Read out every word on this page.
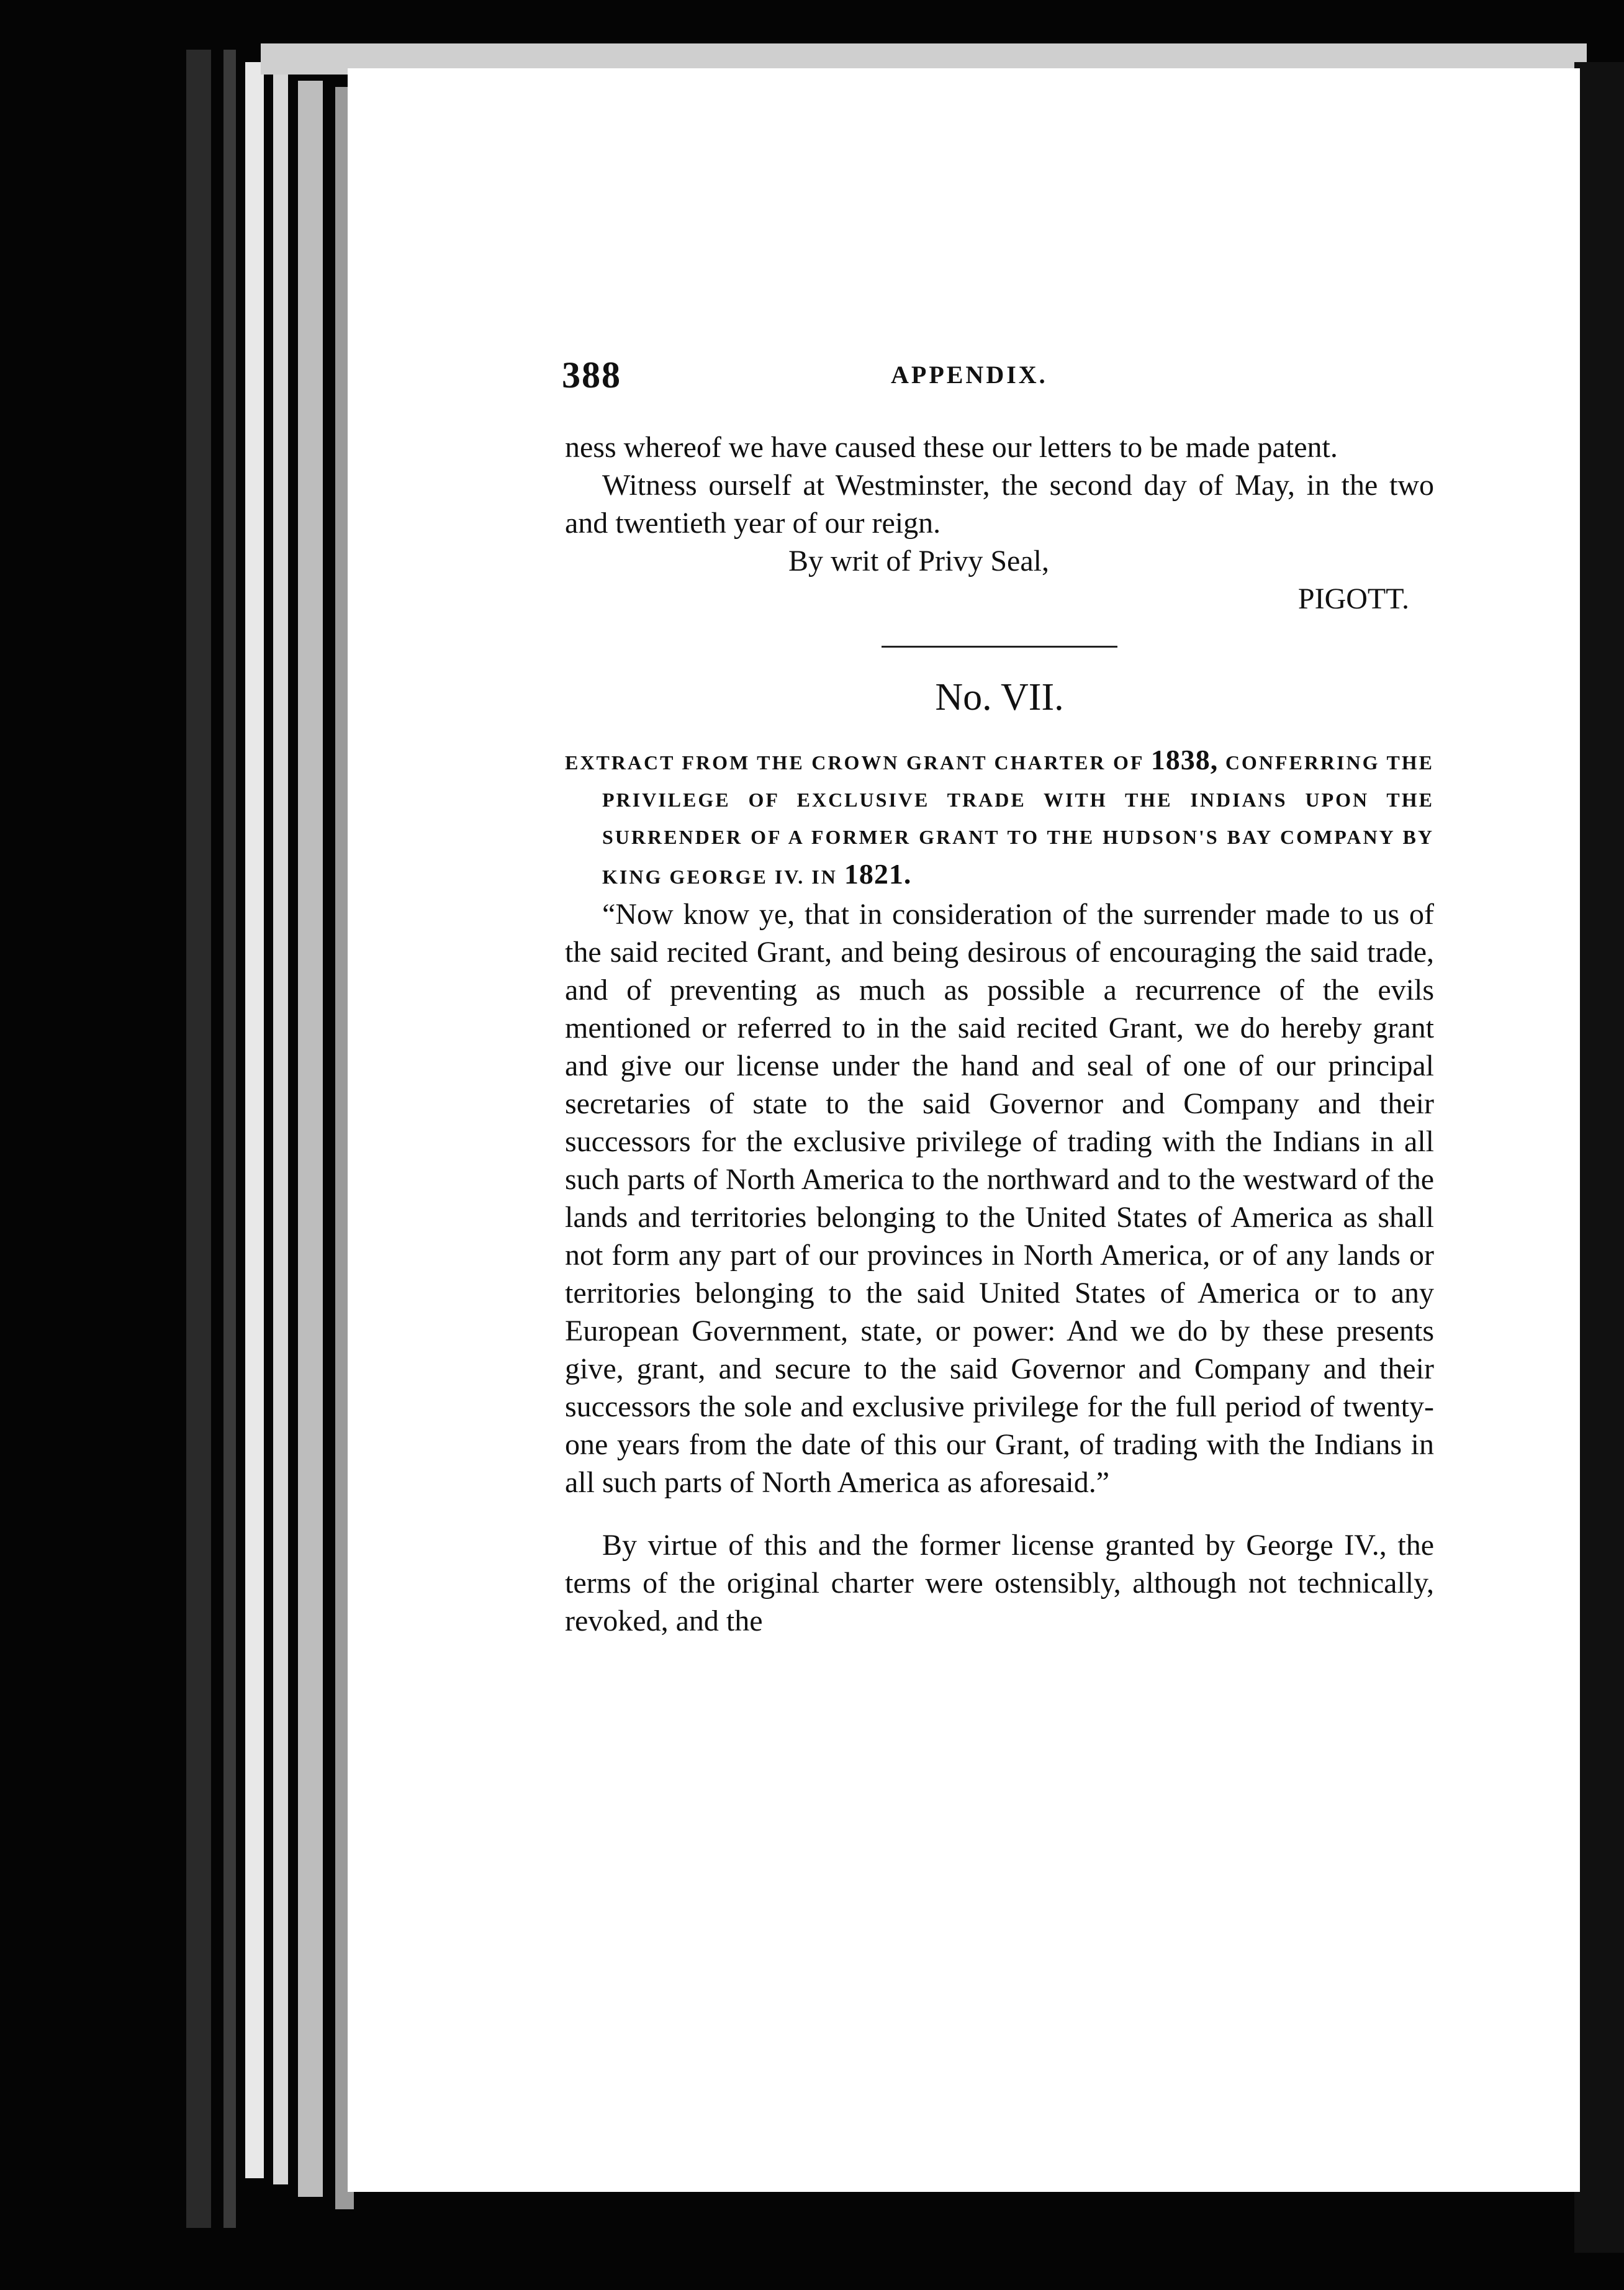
388	APPENDIX.

ness whereof we have caused these our letters to be made patent.

Witness ourself at Westminster, the second day of May, in the two and twentieth year of our reign.

By writ of Privy Seal,

PIGOTT.

No. VII.

EXTRACT FROM THE CROWN GRANT CHARTER OF 1838, CONFERRING THE PRIVILEGE OF EXCLUSIVE TRADE WITH THE INDIANS UPON THE SURRENDER OF A FORMER GRANT TO THE HUDSON'S BAY COMPANY BY KING GEORGE IV. IN 1821.

“Now know ye, that in consideration of the surrender made to us of the said recited Grant, and being desirous of encouraging the said trade, and of preventing as much as possible a recurrence of the evils mentioned or referred to in the said recited Grant, we do hereby grant and give our license under the hand and seal of one of our principal secretaries of state to the said Governor and Company and their successors for the exclusive privilege of trading with the Indians in all such parts of North America to the northward and to the westward of the lands and territories belonging to the United States of America as shall not form any part of our provinces in North America, or of any lands or territories belonging to the said United States of America or to any European Government, state, or power: And we do by these presents give, grant, and secure to the said Governor and Company and their successors the sole and exclusive privilege for the full period of twenty-one years from the date of this our Grant, of trading with the Indians in all such parts of North America as aforesaid.”

By virtue of this and the former license granted by George IV., the terms of the original charter were ostensibly, although not technically, revoked, and the
